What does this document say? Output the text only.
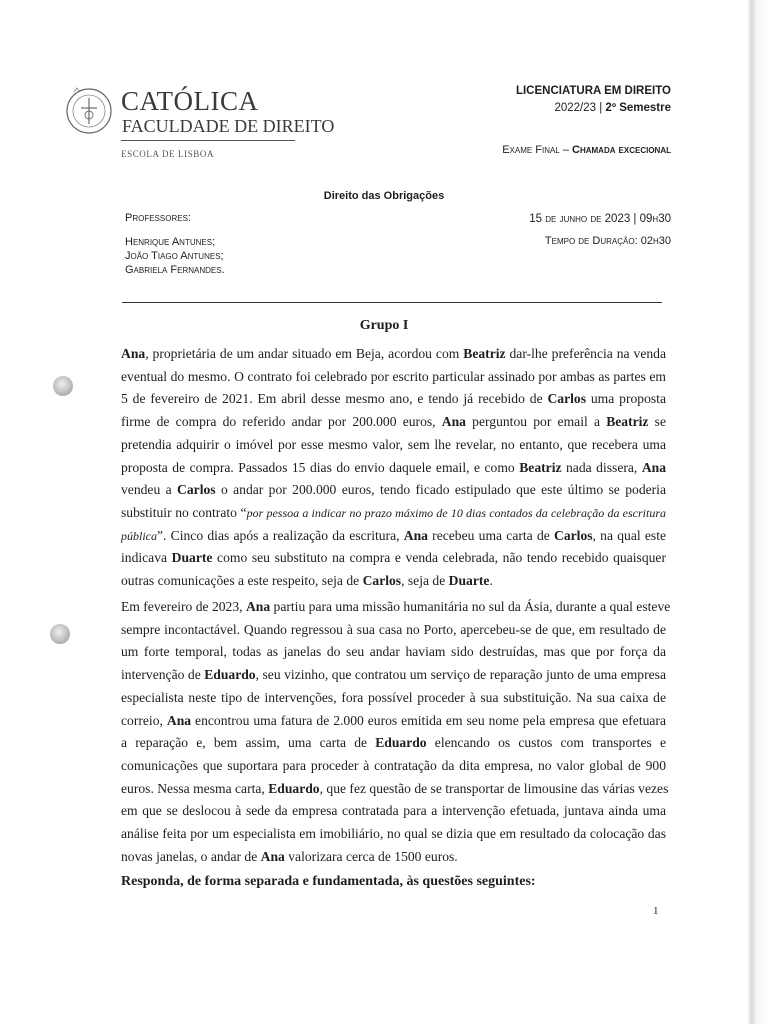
CATÓLICA
FACULDADE DE DIREITO
ESCOLA DE LISBOA
LICENCIATURA EM DIREITO
2022/23 | 2º Semestre
Exame Final – Chamada excecional
Direito das Obrigações
Professores:
Henrique Antunes;
João Tiago Antunes;
Gabriela Fernandes.
15 de junho de 2023 | 09h30
Tempo de Duração: 02h30
Grupo I
Ana, proprietária de um andar situado em Beja, acordou com Beatriz dar-lhe preferência na venda
eventual do mesmo. O contrato foi celebrado por escrito particular assinado por ambas as partes em
5 de fevereiro de 2021. Em abril desse mesmo ano, e tendo já recebido de Carlos uma proposta
firme de compra do referido andar por 200.000 euros, Ana perguntou por email a Beatriz se
pretendia adquirir o imóvel por esse mesmo valor, sem lhe revelar, no entanto, que recebera uma
proposta de compra. Passados 15 dias do envio daquele email, e como Beatriz nada dissera, Ana
vendeu a Carlos o andar por 200.000 euros, tendo ficado estipulado que este último se poderia
substituir no contrato “por pessoa a indicar no prazo máximo de 10 dias contados da celebração da escritura
pública”. Cinco dias após a realização da escritura, Ana recebeu uma carta de Carlos, na qual este
indicava Duarte como seu substituto na compra e venda celebrada, não tendo recebido quaisquer
outras comunicações a este respeito, seja de Carlos, seja de Duarte.
Em fevereiro de 2023, Ana partiu para uma missão humanitária no sul da Ásia, durante a qual esteve
sempre incontactável. Quando regressou à sua casa no Porto, apercebeu-se de que, em resultado de
um forte temporal, todas as janelas do seu andar haviam sido destruídas, mas que por força da
intervenção de Eduardo, seu vizinho, que contratou um serviço de reparação junto de uma empresa
especialista neste tipo de intervenções, fora possível proceder à sua substituição. Na sua caixa de
correio, Ana encontrou uma fatura de 2.000 euros emitida em seu nome pela empresa que efetuara
a reparação e, bem assim, uma carta de Eduardo elencando os custos com transportes e
comunicações que suportara para proceder à contratação da dita empresa, no valor global de 900
euros. Nessa mesma carta, Eduardo, que fez questão de se transportar de limousine das várias vezes
em que se deslocou à sede da empresa contratada para a intervenção efetuada, juntava ainda uma
análise feita por um especialista em imobiliário, no qual se dizia que em resultado da colocação das
novas janelas, o andar de Ana valorizara cerca de 1500 euros.
Responda, de forma separada e fundamentada, às questões seguintes:
1
